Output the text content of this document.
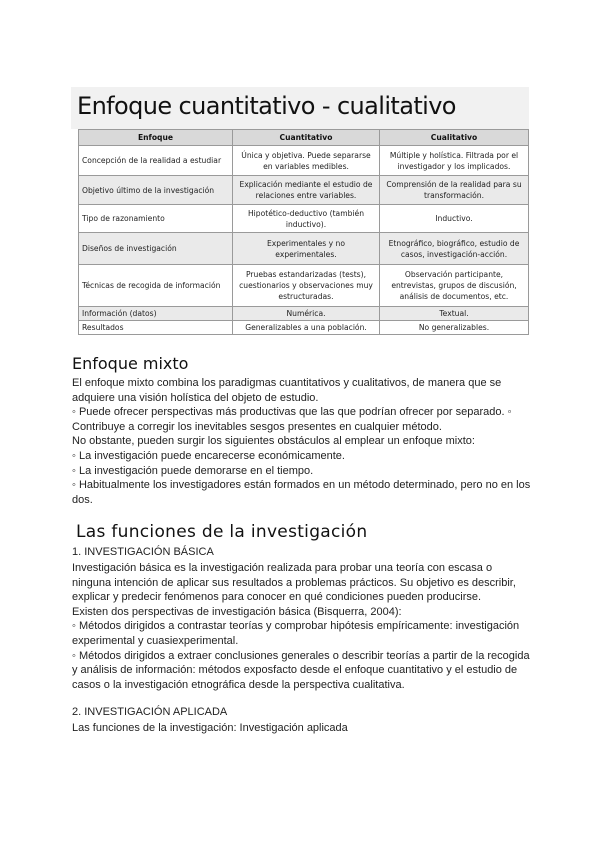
Enfoque cuantitativo - cualitativo
Enfoque	Cuantitativo	Cualitativo
Concepción de la realidad a estudiar	Única y objetiva. Puede separarse en variables medibles.	Múltiple y holística. Filtrada por el investigador y los implicados.
Objetivo último de la investigación	Explicación mediante el estudio de relaciones entre variables.	Comprensión de la realidad para su transformación.
Tipo de razonamiento	Hipotético-deductivo (también inductivo).	Inductivo.
Diseños de investigación	Experimentales y no experimentales.	Etnográfico, biográfico, estudio de casos, investigación-acción.
Técnicas de recogida de información	Pruebas estandarizadas (tests), cuestionarios y observaciones muy estructuradas.	Observación participante, entrevistas, grupos de discusión, análisis de documentos, etc.
Información (datos)	Numérica.	Textual.
Resultados	Generalizables a una población.	No generalizables.
Enfoque mixto
El enfoque mixto combina los paradigmas cuantitativos y cualitativos, de manera que se adquiere una visión holística del objeto de estudio.
◦ Puede ofrecer perspectivas más productivas que las que podrían ofrecer por separado. ◦ Contribuye a corregir los inevitables sesgos presentes en cualquier método.
No obstante, pueden surgir los siguientes obstáculos al emplear un enfoque mixto:
◦ La investigación puede encarecerse económicamente.
◦ La investigación puede demorarse en el tiempo.
◦ Habitualmente los investigadores están formados en un método determinado, pero no en los dos.
Las funciones de la investigación
1. INVESTIGACIÓN BÁSICA
Investigación básica es la investigación realizada para probar una teoría con escasa o ninguna intención de aplicar sus resultados a problemas prácticos. Su objetivo es describir, explicar y predecir fenómenos para conocer en qué condiciones pueden producirse.
Existen dos perspectivas de investigación básica (Bisquerra, 2004):
◦ Métodos dirigidos a contrastar teorías y comprobar hipótesis empíricamente: investigación experimental y cuasiexperimental.
◦ Métodos dirigidos a extraer conclusiones generales o describir teorías a partir de la recogida y análisis de información: métodos exposfacto desde el enfoque cuantitativo y el estudio de casos o la investigación etnográfica desde la perspectiva cualitativa.
2. INVESTIGACIÓN APLICADA
Las funciones de la investigación: Investigación aplicada
